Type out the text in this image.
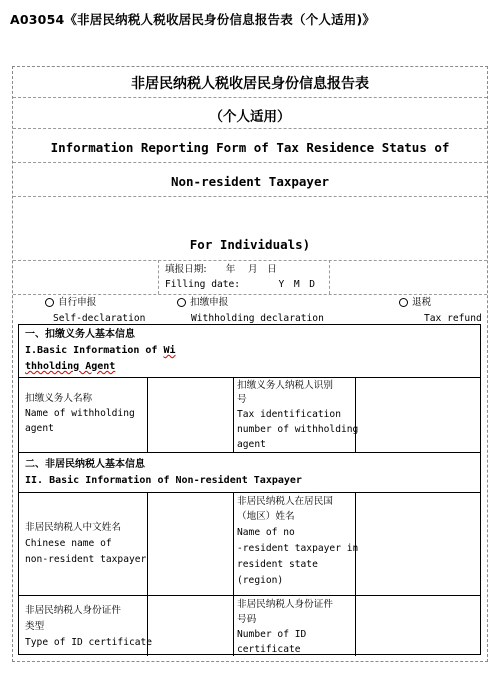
A03054《非居民纳税人税收居民身份信息报告表（个人适用)》
非居民纳税人税收居民身份信息报告表
（个人适用）
Information Reporting Form of Tax Residence Status of
Non-resident Taxpayer
For Individuals)
填报日期:　　年　 月　日
Filling date:　　　　Y　M　D
自行申报
Self-declaration
扣缴申报
Withholding declaration
退税
Tax refund
一、扣缴义务人基本信息
I.Basic Information of Wi
thholding Agent
扣缴义务人名称
Name of withholding
agent
扣缴义务人纳税人识别
号
Tax identification
number of withholding
agent
二、非居民纳税人基本信息
II. Basic Information of Non-resident Taxpayer
非居民纳税人中文姓名
Chinese name of
non-resident taxpayer
非居民纳税人在居民国
（地区）姓名
Name of no
-resident taxpayer in
resident state
(region)
非居民纳税人身份证件
类型
Type of ID certificate
非居民纳税人身份证件
号码
Number of ID
certificate
